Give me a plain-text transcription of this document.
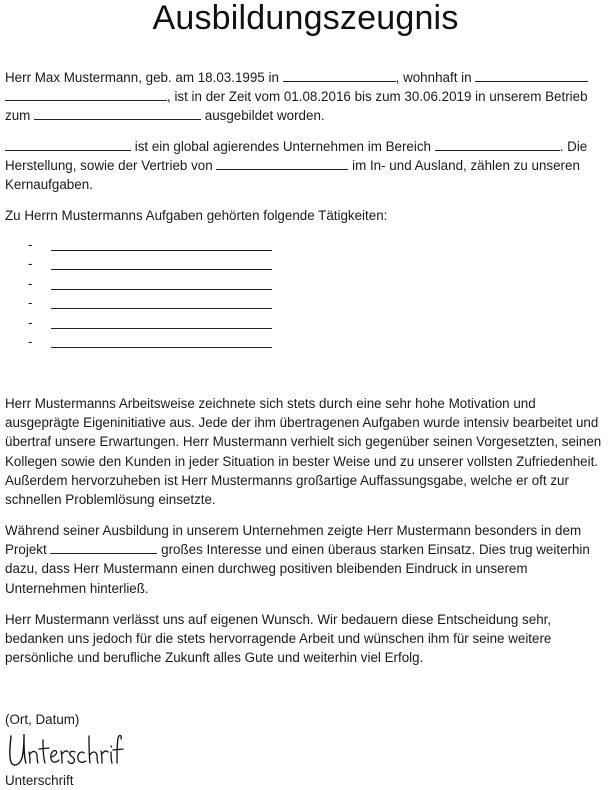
Ausbildungszeugnis
Herr Max Mustermann, geb. am 18.03.1995 in	, wohnhaft in
, ist in der Zeit vom 01.08.2016 bis zum 30.06.2019 in unserem Betrieb
zum	ausgebildet worden.
ist ein global agierendes Unternehmen im Bereich	. Die
Herstellung, sowie der Vertrieb von	im In- und Ausland, zählen zu unseren
Kernaufgaben.
Zu Herrn Mustermanns Aufgaben gehörten folgende Tätigkeiten:
-
-
-
-
-
-
Herr Mustermanns Arbeitsweise zeichnete sich stets durch eine sehr hohe Motivation und
ausgeprägte Eigeninitiative aus. Jede der ihm übertragenen Aufgaben wurde intensiv bearbeitet und
übertraf unsere Erwartungen. Herr Mustermann verhielt sich gegenüber seinen Vorgesetzten, seinen
Kollegen sowie den Kunden in jeder Situation in bester Weise und zu unserer vollsten Zufriedenheit.
Außerdem hervorzuheben ist Herr Mustermanns großartige Auffassungsgabe, welche er oft zur
schnellen Problemlösung einsetzte.
Während seiner Ausbildung in unserem Unternehmen zeigte Herr Mustermann besonders in dem
Projekt	großes Interesse und einen überaus starken Einsatz. Dies trug weiterhin
dazu, dass Herr Mustermann einen durchweg positiven bleibenden Eindruck in unserem
Unternehmen hinterließ.
Herr Mustermann verlässt uns auf eigenen Wunsch. Wir bedauern diese Entscheidung sehr,
bedanken uns jedoch für die stets hervorragende Arbeit und wünschen ihm für seine weitere
persönliche und berufliche Zukunft alles Gute und weiterhin viel Erfolg.
(Ort, Datum)
Unterschrift
